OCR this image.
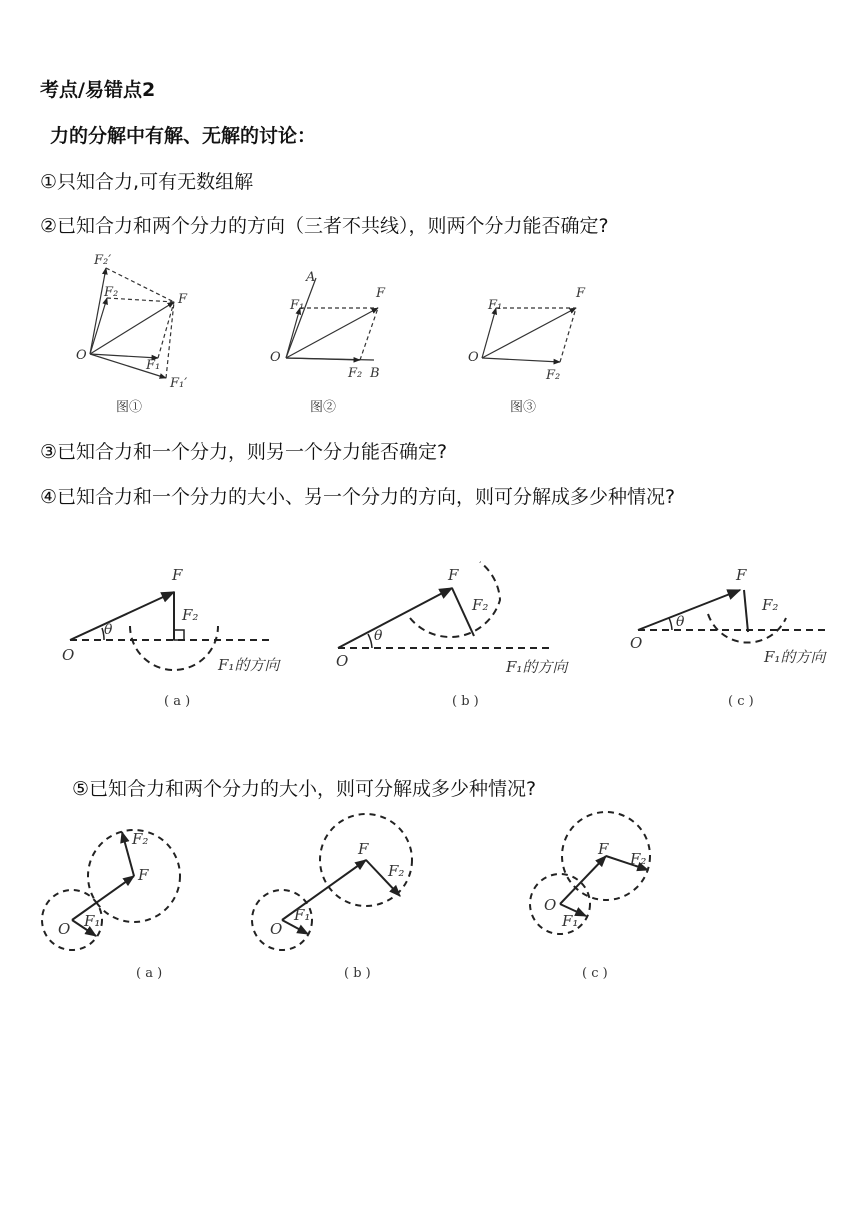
考点/易错点2
力的分解中有解、无解的讨论：
①只知合力,可有无数组解
②已知合力和两个分力的方向（三者不共线），则两个分力能否确定?
③已知合力和一个分力，则另一个分力能否确定?
④已知合力和一个分力的大小、另一个分力的方向，则可分解成多少种情况?
⑤已知合力和两个分力的大小，则可分解成多少种情况?
O
F
F₂′
F₂
F₁
F₁′
O
A
F₁
F
F₂ B
O
F₁
F
F₂
图①	图②	图③
O
F
F₂
θ
F₁的方向
( a )
O
F
F₂
θ
F₁的方向
( b )
O
F
F₂
θ
F₁的方向
( c )
O F₁
F
F₂
( a )
O
F₁
F
F₂
( b )
O
F₁
F
F₂
( c )
